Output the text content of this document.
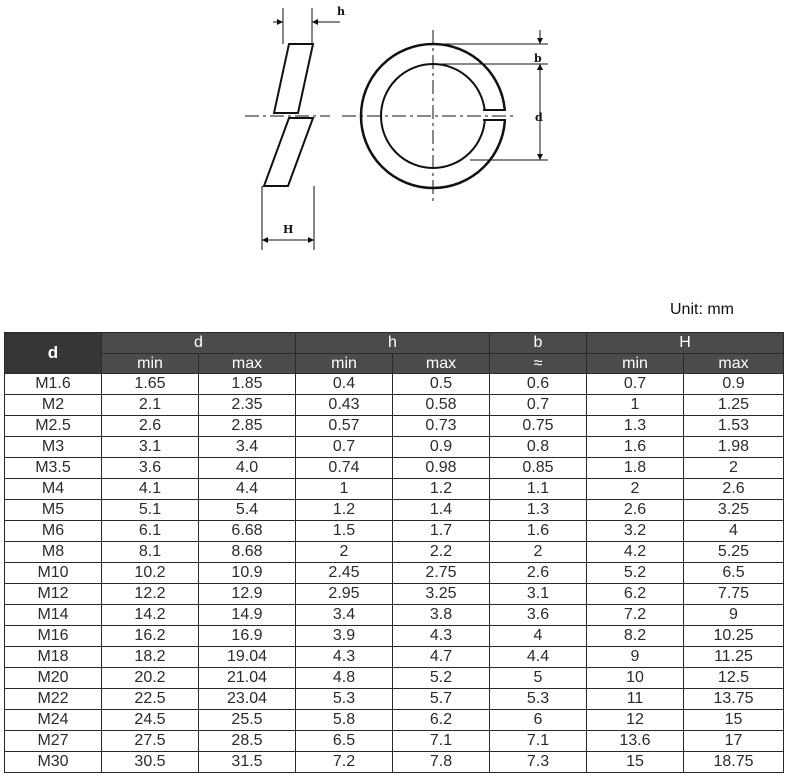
h
H
b
d
Unit: mm
d	d		h		b	H	
	min	max	min	max	≈	min	max
M1.6	1.65	1.85	0.4	0.5	0.6	0.7	0.9
M2	2.1	2.35	0.43	0.58	0.7	1	1.25
M2.5	2.6	2.85	0.57	0.73	0.75	1.3	1.53
M3	3.1	3.4	0.7	0.9	0.8	1.6	1.98
M3.5	3.6	4.0	0.74	0.98	0.85	1.8	2
M4	4.1	4.4	1	1.2	1.1	2	2.6
M5	5.1	5.4	1.2	1.4	1.3	2.6	3.25
M6	6.1	6.68	1.5	1.7	1.6	3.2	4
M8	8.1	8.68	2	2.2	2	4.2	5.25
M10	10.2	10.9	2.45	2.75	2.6	5.2	6.5
M12	12.2	12.9	2.95	3.25	3.1	6.2	7.75
M14	14.2	14.9	3.4	3.8	3.6	7.2	9
M16	16.2	16.9	3.9	4.3	4	8.2	10.25
M18	18.2	19.04	4.3	4.7	4.4	9	11.25
M20	20.2	21.04	4.8	5.2	5	10	12.5
M22	22.5	23.04	5.3	5.7	5.3	11	13.75
M24	24.5	25.5	5.8	6.2	6	12	15
M27	27.5	28.5	6.5	7.1	7.1	13.6	17
M30	30.5	31.5	7.2	7.8	7.3	15	18.75
